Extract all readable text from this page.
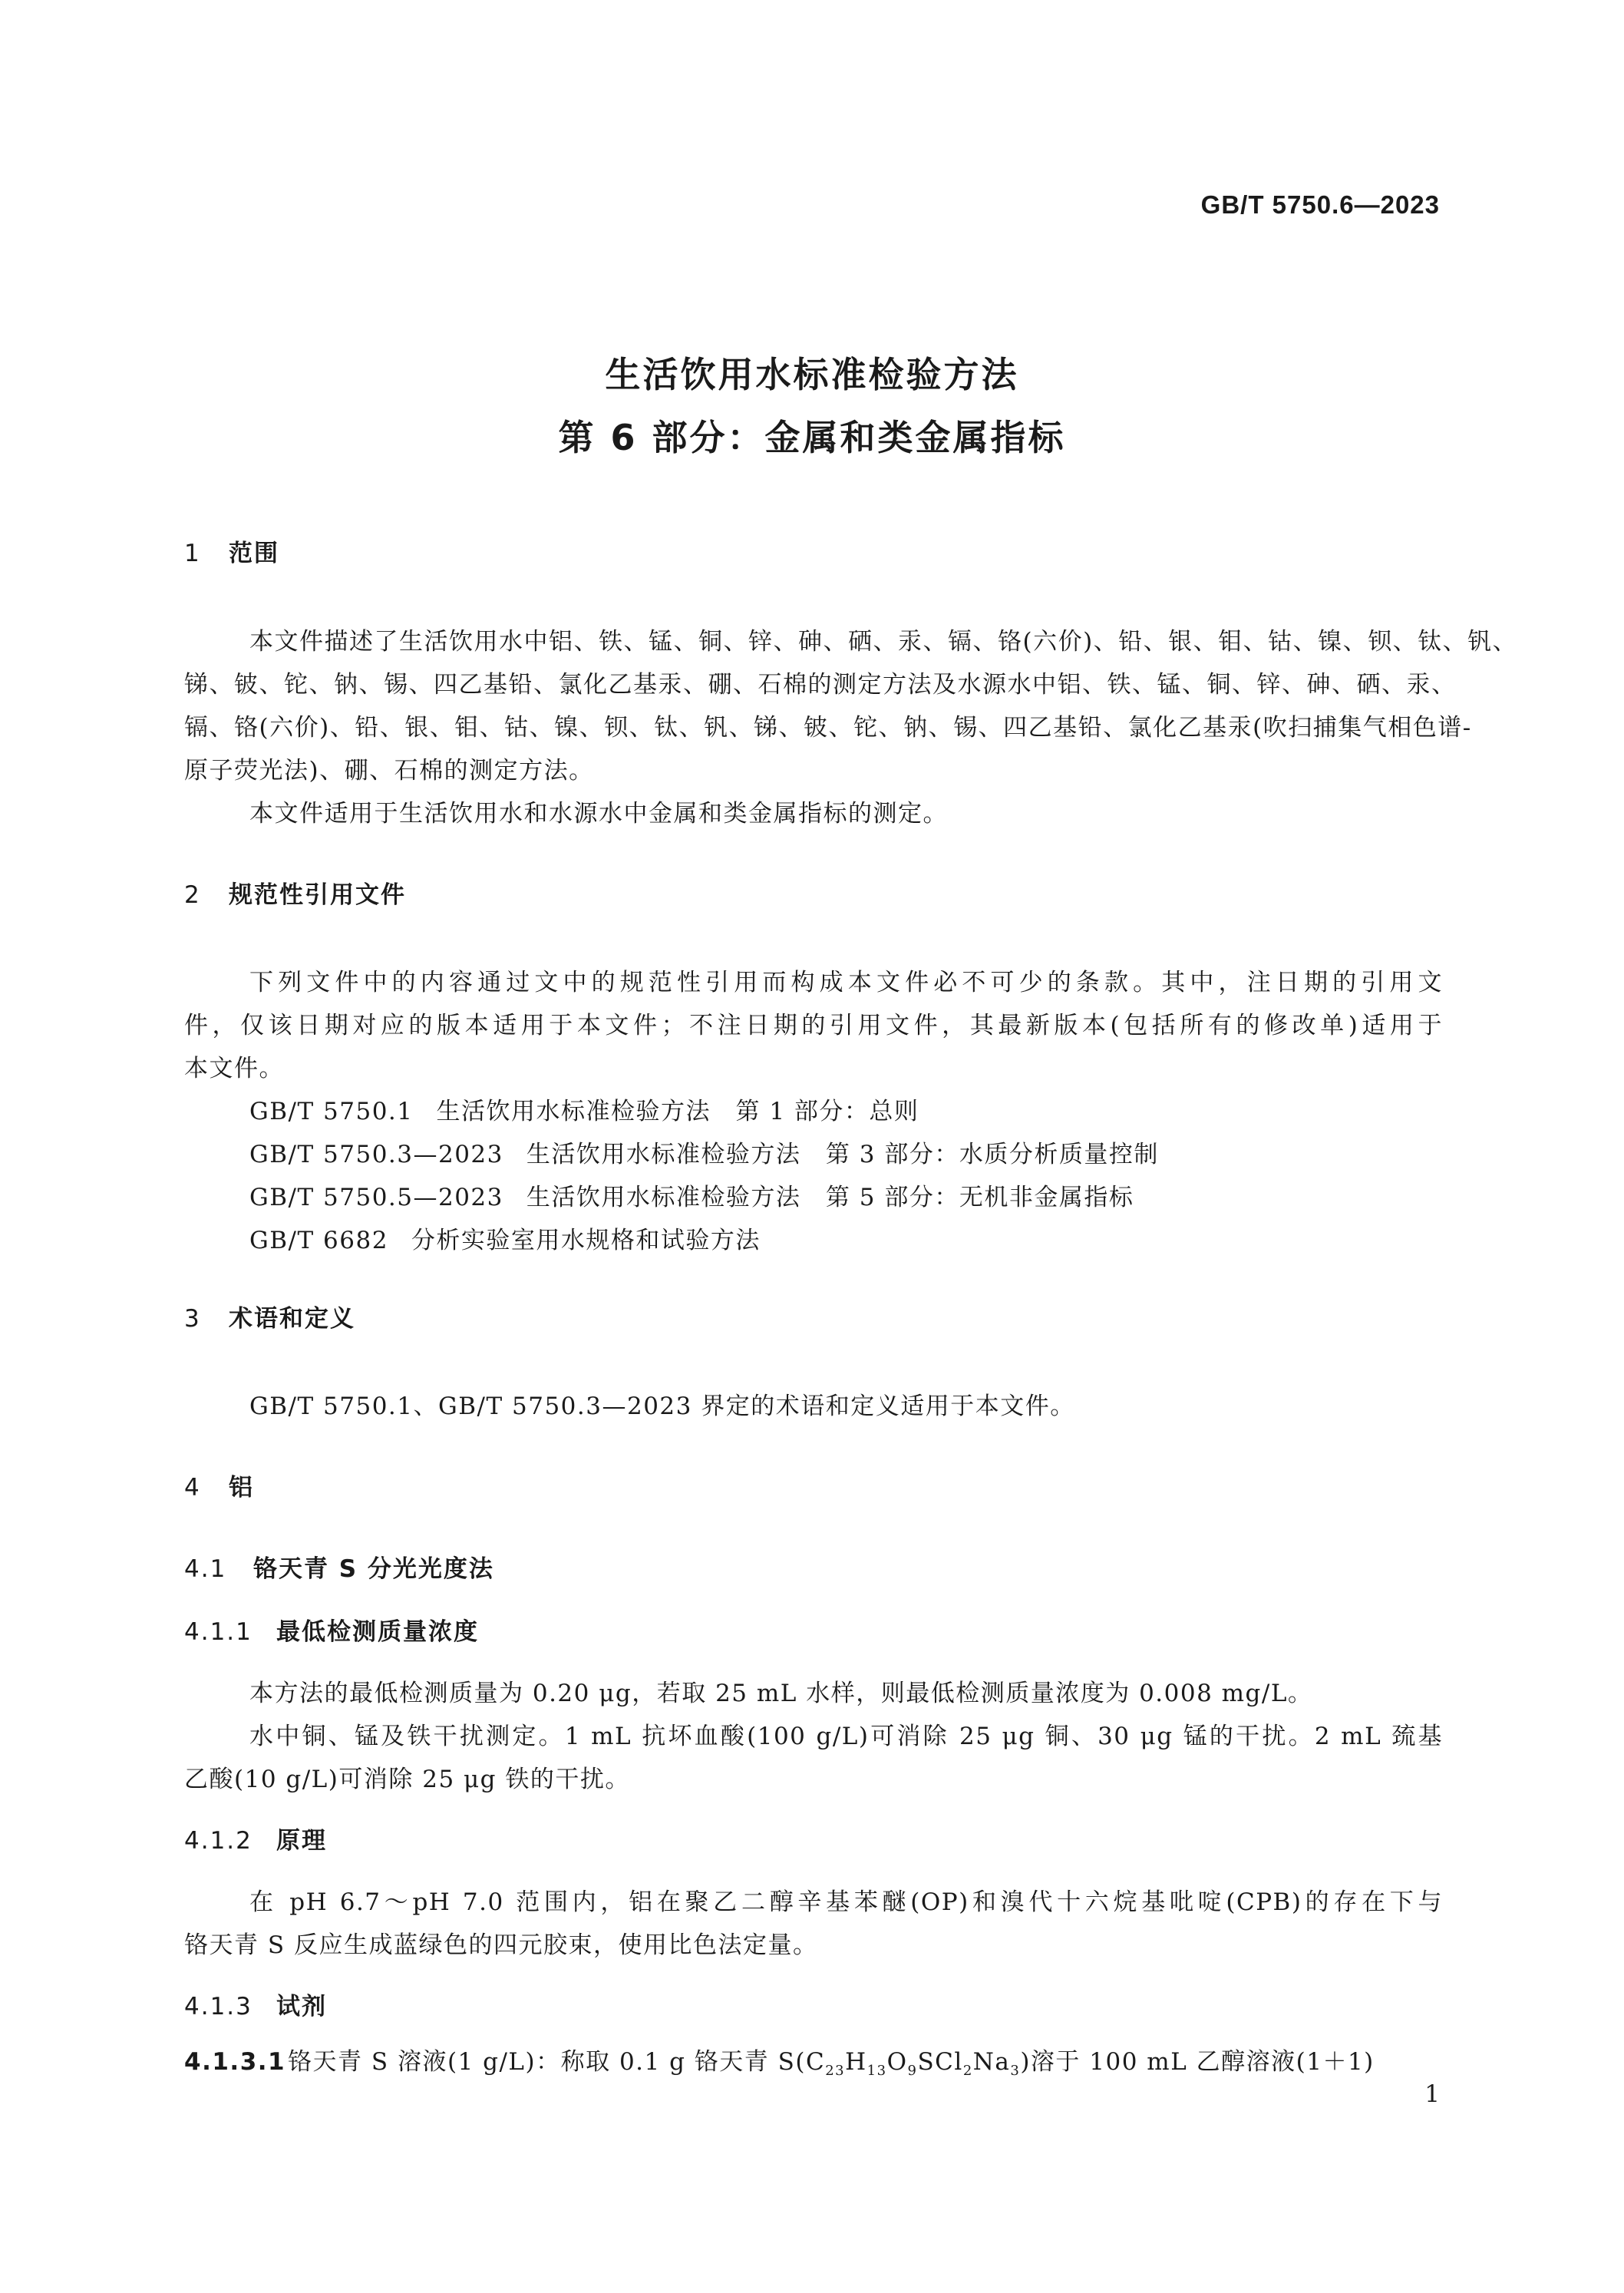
GB/T 5750.6—2023
生活饮用水标准检验方法
第 6 部分：金属和类金属指标
1 范围
本文件描述了生活饮用水中铝、铁、锰、铜、锌、砷、硒、汞、镉、铬(六价)、铅、银、钼、钴、镍、钡、钛、钒、
锑、铍、铊、钠、锡、四乙基铅、氯化乙基汞、硼、石棉的测定方法及水源水中铝、铁、锰、铜、锌、砷、硒、汞、
镉、铬(六价)、铅、银、钼、钴、镍、钡、钛、钒、锑、铍、铊、钠、锡、四乙基铅、氯化乙基汞(吹扫捕集气相色谱-
原子荧光法)、硼、石棉的测定方法。
本文件适用于生活饮用水和水源水中金属和类金属指标的测定。
2 规范性引用文件
下列文件中的内容通过文中的规范性引用而构成本文件必不可少的条款。其中，注日期的引用文
件，仅该日期对应的版本适用于本文件；不注日期的引用文件，其最新版本(包括所有的修改单)适用于
本文件。
GB/T 5750.1 生活饮用水标准检验方法　第 1 部分：总则
GB/T 5750.3—2023 生活饮用水标准检验方法　第 3 部分：水质分析质量控制
GB/T 5750.5—2023 生活饮用水标准检验方法　第 5 部分：无机非金属指标
GB/T 6682 分析实验室用水规格和试验方法
3 术语和定义
GB/T 5750.1、GB/T 5750.3—2023 界定的术语和定义适用于本文件。
4 铝
4.1 铬天青 S 分光光度法
4.1.1 最低检测质量浓度
本方法的最低检测质量为 0.20 μg，若取 25 mL 水样，则最低检测质量浓度为 0.008 mg/L。
水中铜、锰及铁干扰测定。1 mL 抗坏血酸(100 g/L)可消除 25 μg 铜、30 μg 锰的干扰。2 mL 巯基
乙酸(10 g/L)可消除 25 μg 铁的干扰。
4.1.2 原理
在 pH 6.7～pH 7.0 范围内，铝在聚乙二醇辛基苯醚(OP)和溴代十六烷基吡啶(CPB)的存在下与
铬天青 S 反应生成蓝绿色的四元胶束，使用比色法定量。
4.1.3 试剂
4.1.3.1铬天青 S 溶液(1 g/L)：称取 0.1 g 铬天青 $S(C_{23}H_{13}O_9SCl_2Na_3)$溶于 100 mL 乙醇溶液(1＋1)
1
